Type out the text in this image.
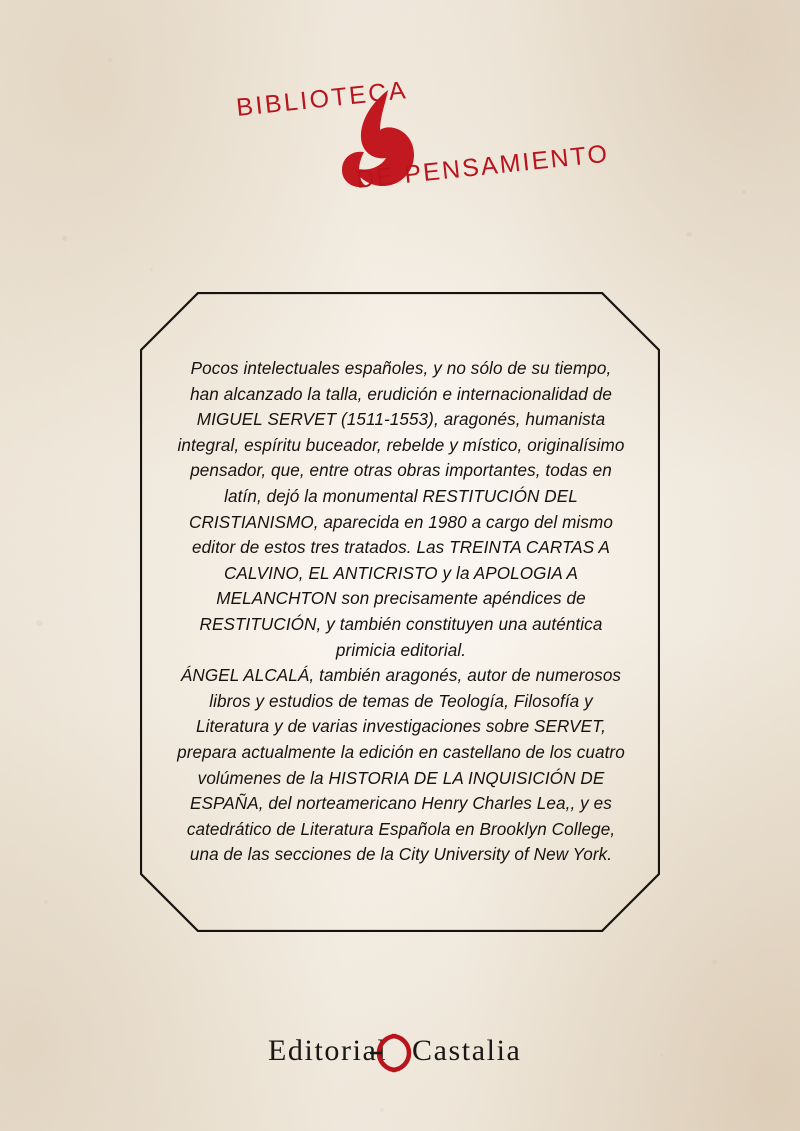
BIBLIOTECA
DE PENSAMIENTO

Pocos intelectuales españoles, y no sólo de su tiempo, han alcanzado la talla, erudición e internacionalidad de MIGUEL SERVET (1511-1553), aragonés, humanista integral, espíritu buceador, rebelde y místico, originalísimo pensador, que, entre otras obras importantes, todas en latín, dejó la monumental RESTITUCIÓN DEL CRISTIANISMO, aparecida en 1980 a cargo del mismo editor de estos tres tratados. Las TREINTA CARTAS A CALVINO, EL ANTICRISTO y la APOLOGIA A MELANCHTON son precisamente apéndices de RESTITUCIÓN, y también constituyen una auténtica primicia editorial.

ÁNGEL ALCALÁ, también aragonés, autor de numerosos libros y estudios de temas de Teología, Filosofía y Literatura y de varias investigaciones sobre SERVET, prepara actualmente la edición en castellano de los cuatro volúmenes de la HISTORIA DE LA INQUISICIÓN DE ESPAÑA, del norteamericano Henry Charles Lea,, y es catedrático de Literatura Española en Brooklyn College, una de las secciones de la City University of New York.

Editorial Castalia
